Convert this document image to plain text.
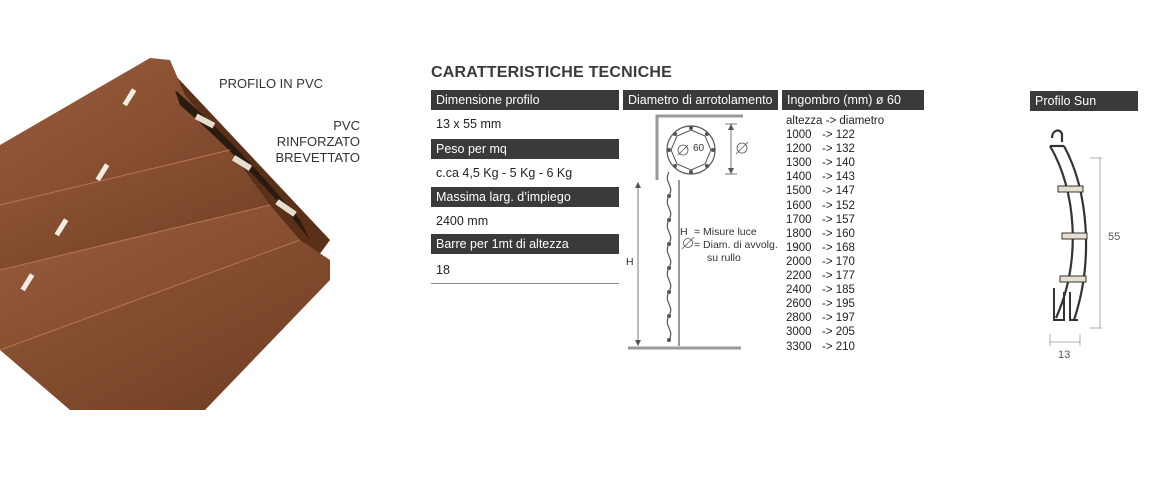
PROFILO IN PVC
PVC RINFORZATO
BREVETTATO
CARATTERISTICHE TECNICHE
Dimensione profilo
13 x 55 mm
Peso per mq
c.ca 4,5 Kg - 5 Kg - 6 Kg
Massima larg. d’impiego
2400 mm
Barre per 1mt di altezza
18
Diametro di arrotolamento
60
H
H = Misure luce
= Diam. di avvolg.
su rullo
Ingombro (mm) ø 60
altezza
-> diametro
1000 -> 122
1200 -> 132
1300 -> 140
1400 -> 143
1500 -> 147
1600 -> 152
1700 -> 157
1800 -> 160
1900 -> 168
2000 -> 170
2200 -> 177
2400 -> 185
2600 -> 195
2800 -> 197
3000 -> 205
3300 -> 210
Profilo Sun
55
13
